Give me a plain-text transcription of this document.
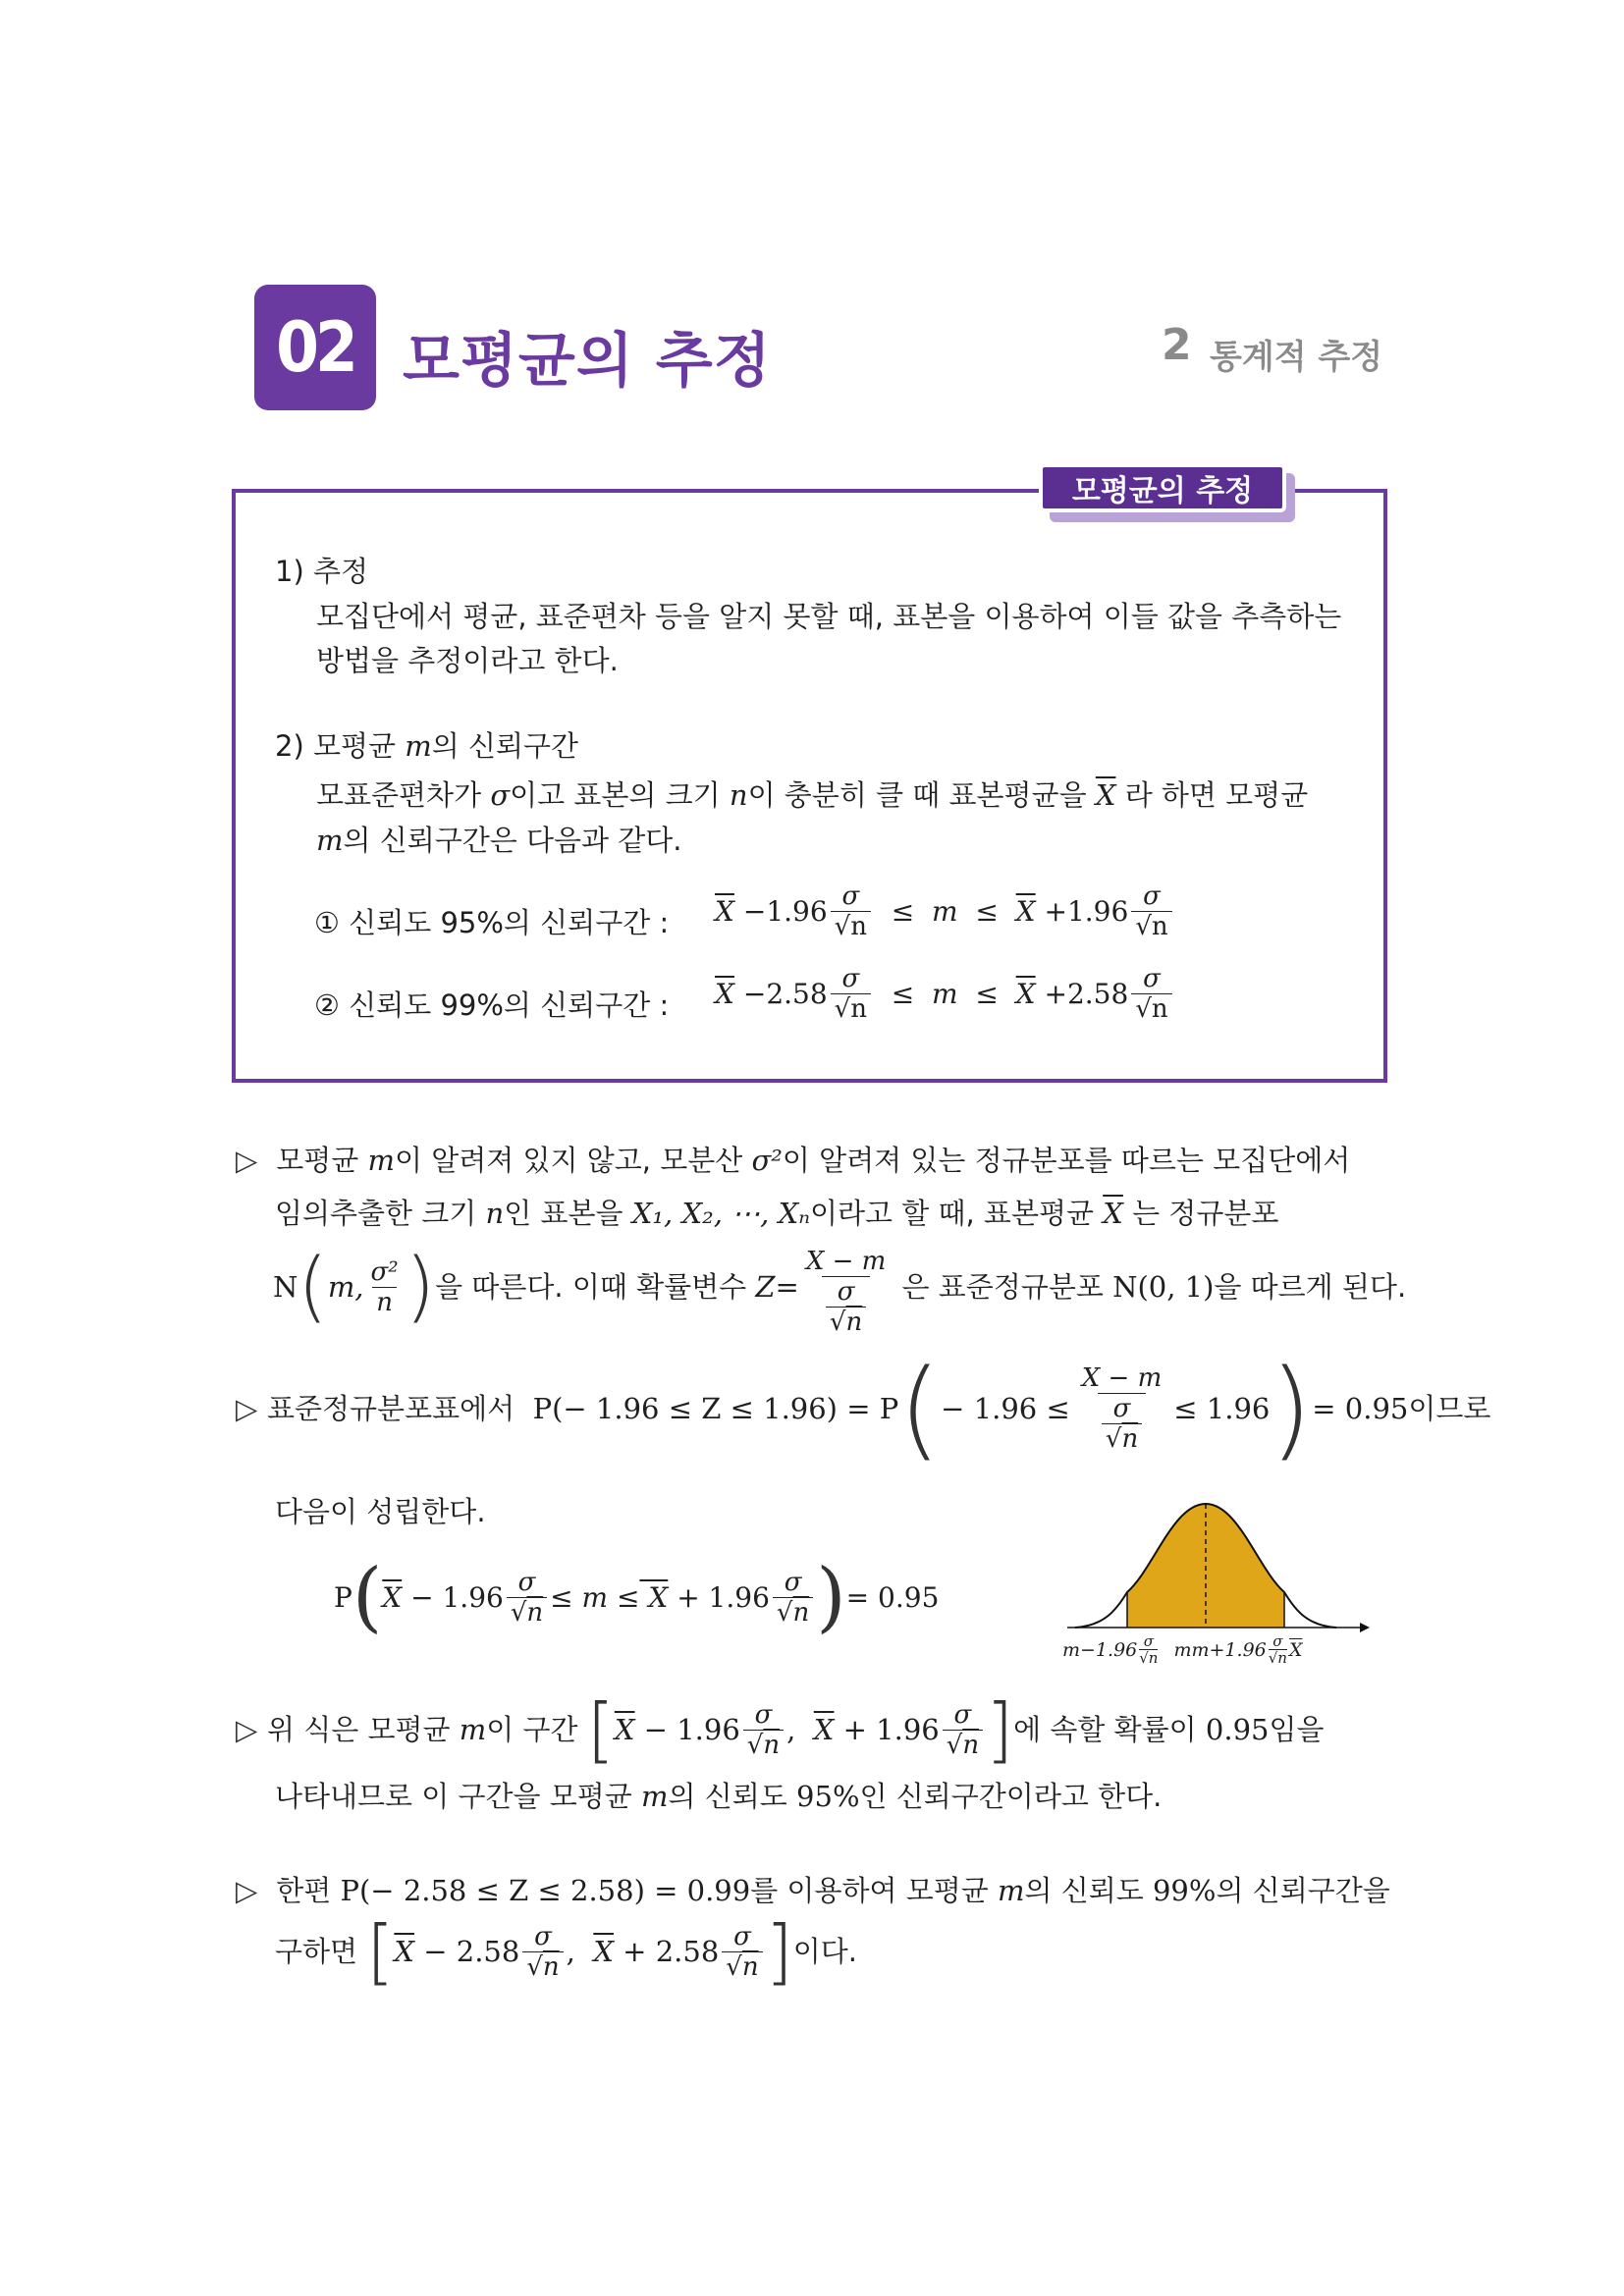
02 모평균의 추정	2 통계적 추정
모평균의 추정
1) 추정
모집단에서 평균, 표준편차 등을 알지 못할 때, 표본을 이용하여 이들 값을 추측하는
방법을 추정이라고 한다.
2) 모평균 m의 신뢰구간
모표준편차가 σ이고 표본의 크기 n이 충분히 클 때 표본평균을 $\overline{X}$ 라 하면 모평균
m의 신뢰구간은 다음과 같다.
① 신뢰도 95%의 신뢰구간 : $\overline{X} - 1.96 \frac{\sigma}{√n} \le m \le \overline{X} + 1.96 \frac{\sigma}{√n}$
② 신뢰도 99%의 신뢰구간 : $\overline{X} - 2.58 \frac{\sigma}{√n} \le m \le \overline{X} + 2.58 \frac{\sigma}{√n}$
▷ 모평균 m이 알려져 있지 않고, 모분산 σ²이 알려져 있는 정규분포를 따르는 모집단에서
임의추출한 크기 n인 표본을 X₁, X₂, ⋯, Xₙ이라고 할 때, 표본평균 $\overline{X}$ 는 정규분포
N ( m, $\frac{\text{σ²}}{n}$ ) 을 따른다. 이때 확률변수
Z= X − m
σ
√n
은 표준정규분포
N(0, 1) 을 따르게 된다.
▷ 표준정규분포표에서
P(− 1.96 ≤ Z ≤ 1.96) = P ( − 1.96 ≤ X − m
σ
√n ≤ 1.96 ) = 0.95 이므로
다음이 성립한다.
P ( $\overline{X} - 1.96 \frac{\sigma}{√n} \le m \le X + 1.96 \frac{\sigma}{√n}$ ) = 0.95
$m-1.96 \frac{\sigma}{√n}$ m $m+1.96 \frac{\sigma}{√n} \overline{X}$
▷ 위 식은 모평균
m 이 구간
[ $\overline{X} - 1.96 \frac{\sigma}{√n}$ , $\overline{X} + 1.96 \frac{\sigma}{√n}$ ] 에 속할 확률이
0.95 임을
나타내므로 이 구간을 모평균 m의 신뢰도 95%인 신뢰구간이라고 한다.
▷ 한편 P(− 2.58 ≤ Z ≤ 2.58) = 0.99를 이용하여 모평균 m의 신뢰도 99%의 신뢰구간을
구하면
[ $\overline{X} - 2.58 \frac{\sigma}{√n}$ , $\overline{X} + 2.58 \frac{\sigma}{√n}$ ] 이다.
